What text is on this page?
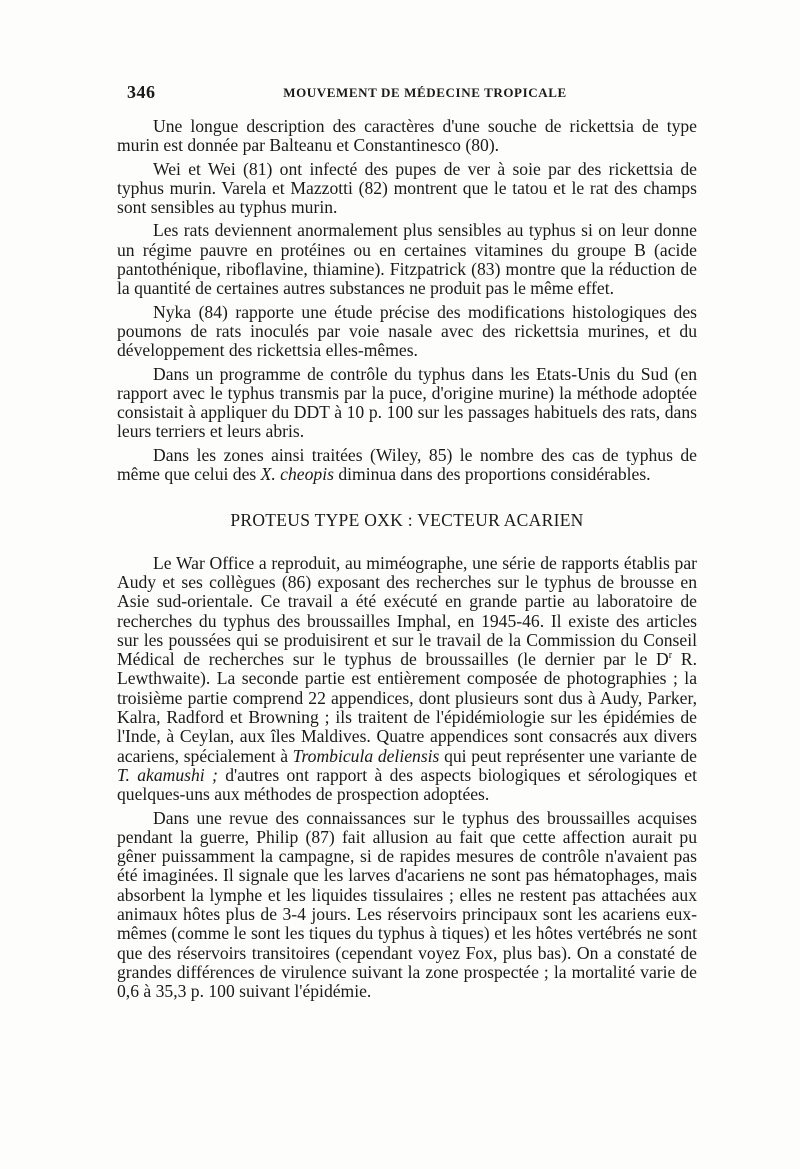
346	MOUVEMENT DE MÉDECINE TROPICALE

Une longue description des caractères d'une souche de rickettsia de type murin est donnée par Balteanu et Constantinesco (80).

Wei et Wei (81) ont infecté des pupes de ver à soie par des rickettsia de typhus murin. Varela et Mazzotti (82) montrent que le tatou et le rat des champs sont sensibles au typhus murin.

Les rats deviennent anormalement plus sensibles au typhus si on leur donne un régime pauvre en protéines ou en certaines vitamines du groupe B (acide pantothénique, riboflavine, thiamine). Fitzpatrick (83) montre que la réduction de la quantité de certaines autres substances ne produit pas le même effet.

Nyka (84) rapporte une étude précise des modifications histologiques des poumons de rats inoculés par voie nasale avec des rickettsia murines, et du développement des rickettsia elles-mêmes.

Dans un programme de contrôle du typhus dans les Etats-Unis du Sud (en rapport avec le typhus transmis par la puce, d'origine murine) la méthode adoptée consistait à appliquer du DDT à 10 p. 100 sur les passages habituels des rats, dans leurs terriers et leurs abris.

Dans les zones ainsi traitées (Wiley, 85) le nombre des cas de typhus de même que celui des X. cheopis diminua dans des proportions considérables.

PROTEUS TYPE OXK : VECTEUR ACARIEN

Le War Office a reproduit, au miméographe, une série de rapports établis par Audy et ses collègues (86) exposant des recherches sur le typhus de brousse en Asie sud-orientale. Ce travail a été exécuté en grande partie au laboratoire de recherches du typhus des broussailles Imphal, en 1945-46. Il existe des articles sur les poussées qui se produisirent et sur le travail de la Commission du Conseil Médical de recherches sur le typhus de broussailles (le dernier par le $D^r$ R. Lewthwaite). La seconde partie est entièrement composée de photographies ; la troisième partie comprend 22 appendices, dont plusieurs sont dus à Audy, Parker, Kalra, Radford et Browning ; ils traitent de l'épidémiologie sur les épidémies de l'Inde, à Ceylan, aux îles Maldives. Quatre appendices sont consacrés aux divers acariens, spécialement à Trombicula deliensis qui peut représenter une variante de T. akamushi ; d'autres ont rapport à des aspects biologiques et sérologiques et quelques-uns aux méthodes de prospection adoptées.

Dans une revue des connaissances sur le typhus des broussailles acquises pendant la guerre, Philip (87) fait allusion au fait que cette affection aurait pu gêner puissamment la campagne, si de rapides mesures de contrôle n'avaient pas été imaginées. Il signale que les larves d'acariens ne sont pas hématophages, mais absorbent la lymphe et les liquides tissulaires ; elles ne restent pas attachées aux animaux hôtes plus de 3-4 jours. Les réservoirs principaux sont les acariens eux-mêmes (comme le sont les tiques du typhus à tiques) et les hôtes vertébrés ne sont que des réservoirs transitoires (cependant voyez Fox, plus bas). On a constaté de grandes différences de virulence suivant la zone prospectée ; la mortalité varie de 0,6 à 35,3 p. 100 suivant l'épidémie.
